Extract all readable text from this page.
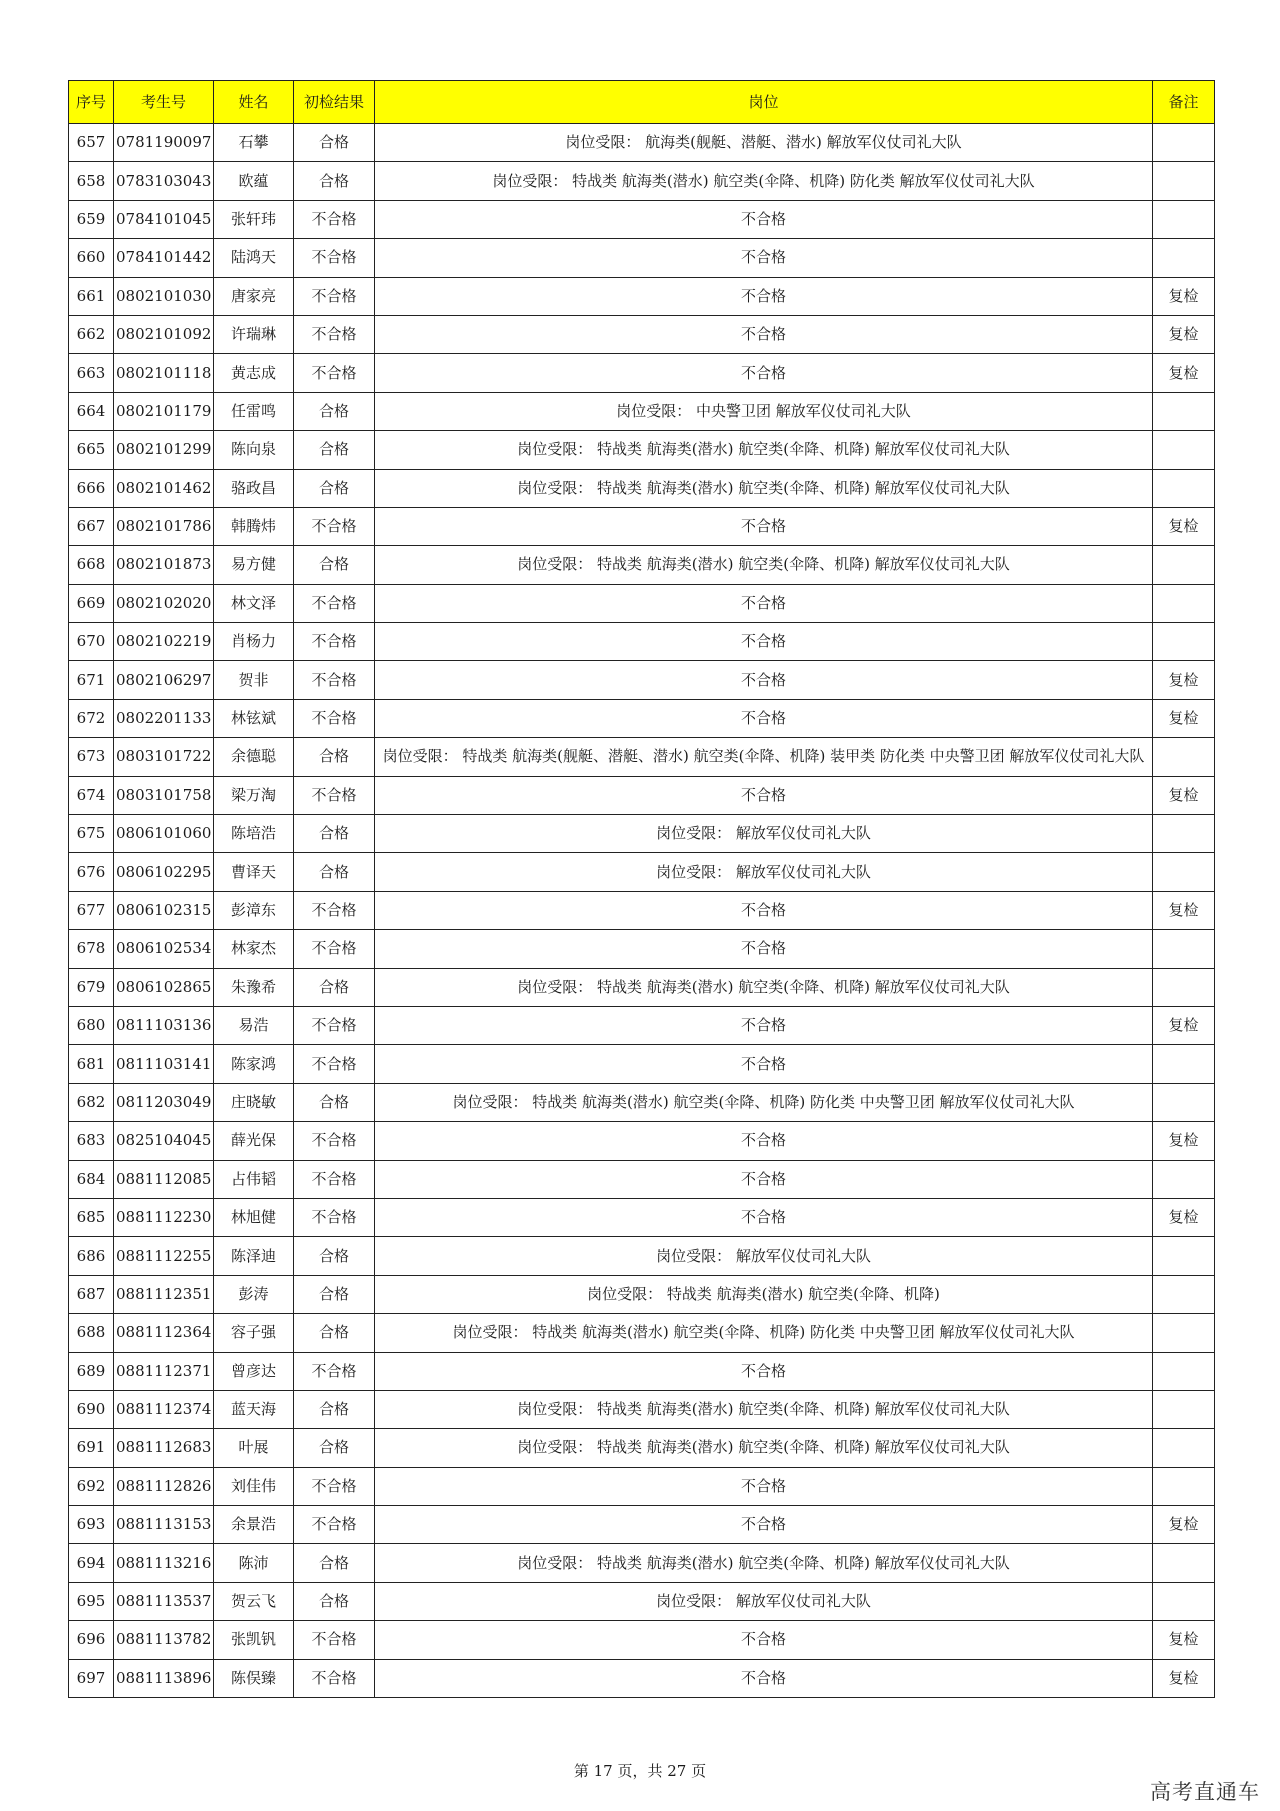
序号	考生号	姓名	初检结果	岗位	备注
657	0781190097	石攀	合格	岗位受限： 航海类(舰艇、潜艇、潜水) 解放军仪仗司礼大队	
658	0783103043	欧蕴	合格	岗位受限： 特战类 航海类(潜水) 航空类(伞降、机降) 防化类 解放军仪仗司礼大队	
659	0784101045	张轩玮	不合格	不合格	
660	0784101442	陆鸿天	不合格	不合格	
661	0802101030	唐家亮	不合格	不合格	复检
662	0802101092	许瑞琳	不合格	不合格	复检
663	0802101118	黄志成	不合格	不合格	复检
664	0802101179	任雷鸣	合格	岗位受限： 中央警卫团 解放军仪仗司礼大队	
665	0802101299	陈向泉	合格	岗位受限： 特战类 航海类(潜水) 航空类(伞降、机降) 解放军仪仗司礼大队	
666	0802101462	骆政昌	合格	岗位受限： 特战类 航海类(潜水) 航空类(伞降、机降) 解放军仪仗司礼大队	
667	0802101786	韩腾炜	不合格	不合格	复检
668	0802101873	易方健	合格	岗位受限： 特战类 航海类(潜水) 航空类(伞降、机降) 解放军仪仗司礼大队	
669	0802102020	林文泽	不合格	不合格	
670	0802102219	肖杨力	不合格	不合格	
671	0802106297	贺非	不合格	不合格	复检
672	0802201133	林铉斌	不合格	不合格	复检
673	0803101722	余德聪	合格	岗位受限： 特战类 航海类(舰艇、潜艇、潜水) 航空类(伞降、机降) 装甲类 防化类 中央警卫团 解放军仪仗司礼大队	
674	0803101758	梁万淘	不合格	不合格	复检
675	0806101060	陈培浩	合格	岗位受限： 解放军仪仗司礼大队	
676	0806102295	曹译天	合格	岗位受限： 解放军仪仗司礼大队	
677	0806102315	彭漳东	不合格	不合格	复检
678	0806102534	林家杰	不合格	不合格	
679	0806102865	朱豫希	合格	岗位受限： 特战类 航海类(潜水) 航空类(伞降、机降) 解放军仪仗司礼大队	
680	0811103136	易浩	不合格	不合格	复检
681	0811103141	陈家鸿	不合格	不合格	
682	0811203049	庄晓敏	合格	岗位受限： 特战类 航海类(潜水) 航空类(伞降、机降) 防化类 中央警卫团 解放军仪仗司礼大队	
683	0825104045	薛光保	不合格	不合格	复检
684	0881112085	占伟韬	不合格	不合格	
685	0881112230	林旭健	不合格	不合格	复检
686	0881112255	陈泽迪	合格	岗位受限： 解放军仪仗司礼大队	
687	0881112351	彭涛	合格	岗位受限： 特战类 航海类(潜水) 航空类(伞降、机降)	
688	0881112364	容子强	合格	岗位受限： 特战类 航海类(潜水) 航空类(伞降、机降) 防化类 中央警卫团 解放军仪仗司礼大队	
689	0881112371	曾彦达	不合格	不合格	
690	0881112374	蓝天海	合格	岗位受限： 特战类 航海类(潜水) 航空类(伞降、机降) 解放军仪仗司礼大队	
691	0881112683	叶展	合格	岗位受限： 特战类 航海类(潜水) 航空类(伞降、机降) 解放军仪仗司礼大队	
692	0881112826	刘佳伟	不合格	不合格	
693	0881113153	余景浩	不合格	不合格	复检
694	0881113216	陈沛	合格	岗位受限： 特战类 航海类(潜水) 航空类(伞降、机降) 解放军仪仗司礼大队	
695	0881113537	贺云飞	合格	岗位受限： 解放军仪仗司礼大队	
696	0881113782	张凯钒	不合格	不合格	复检
697	0881113896	陈俣臻	不合格	不合格	复检
第 17 页，共 27 页
高考直通车
